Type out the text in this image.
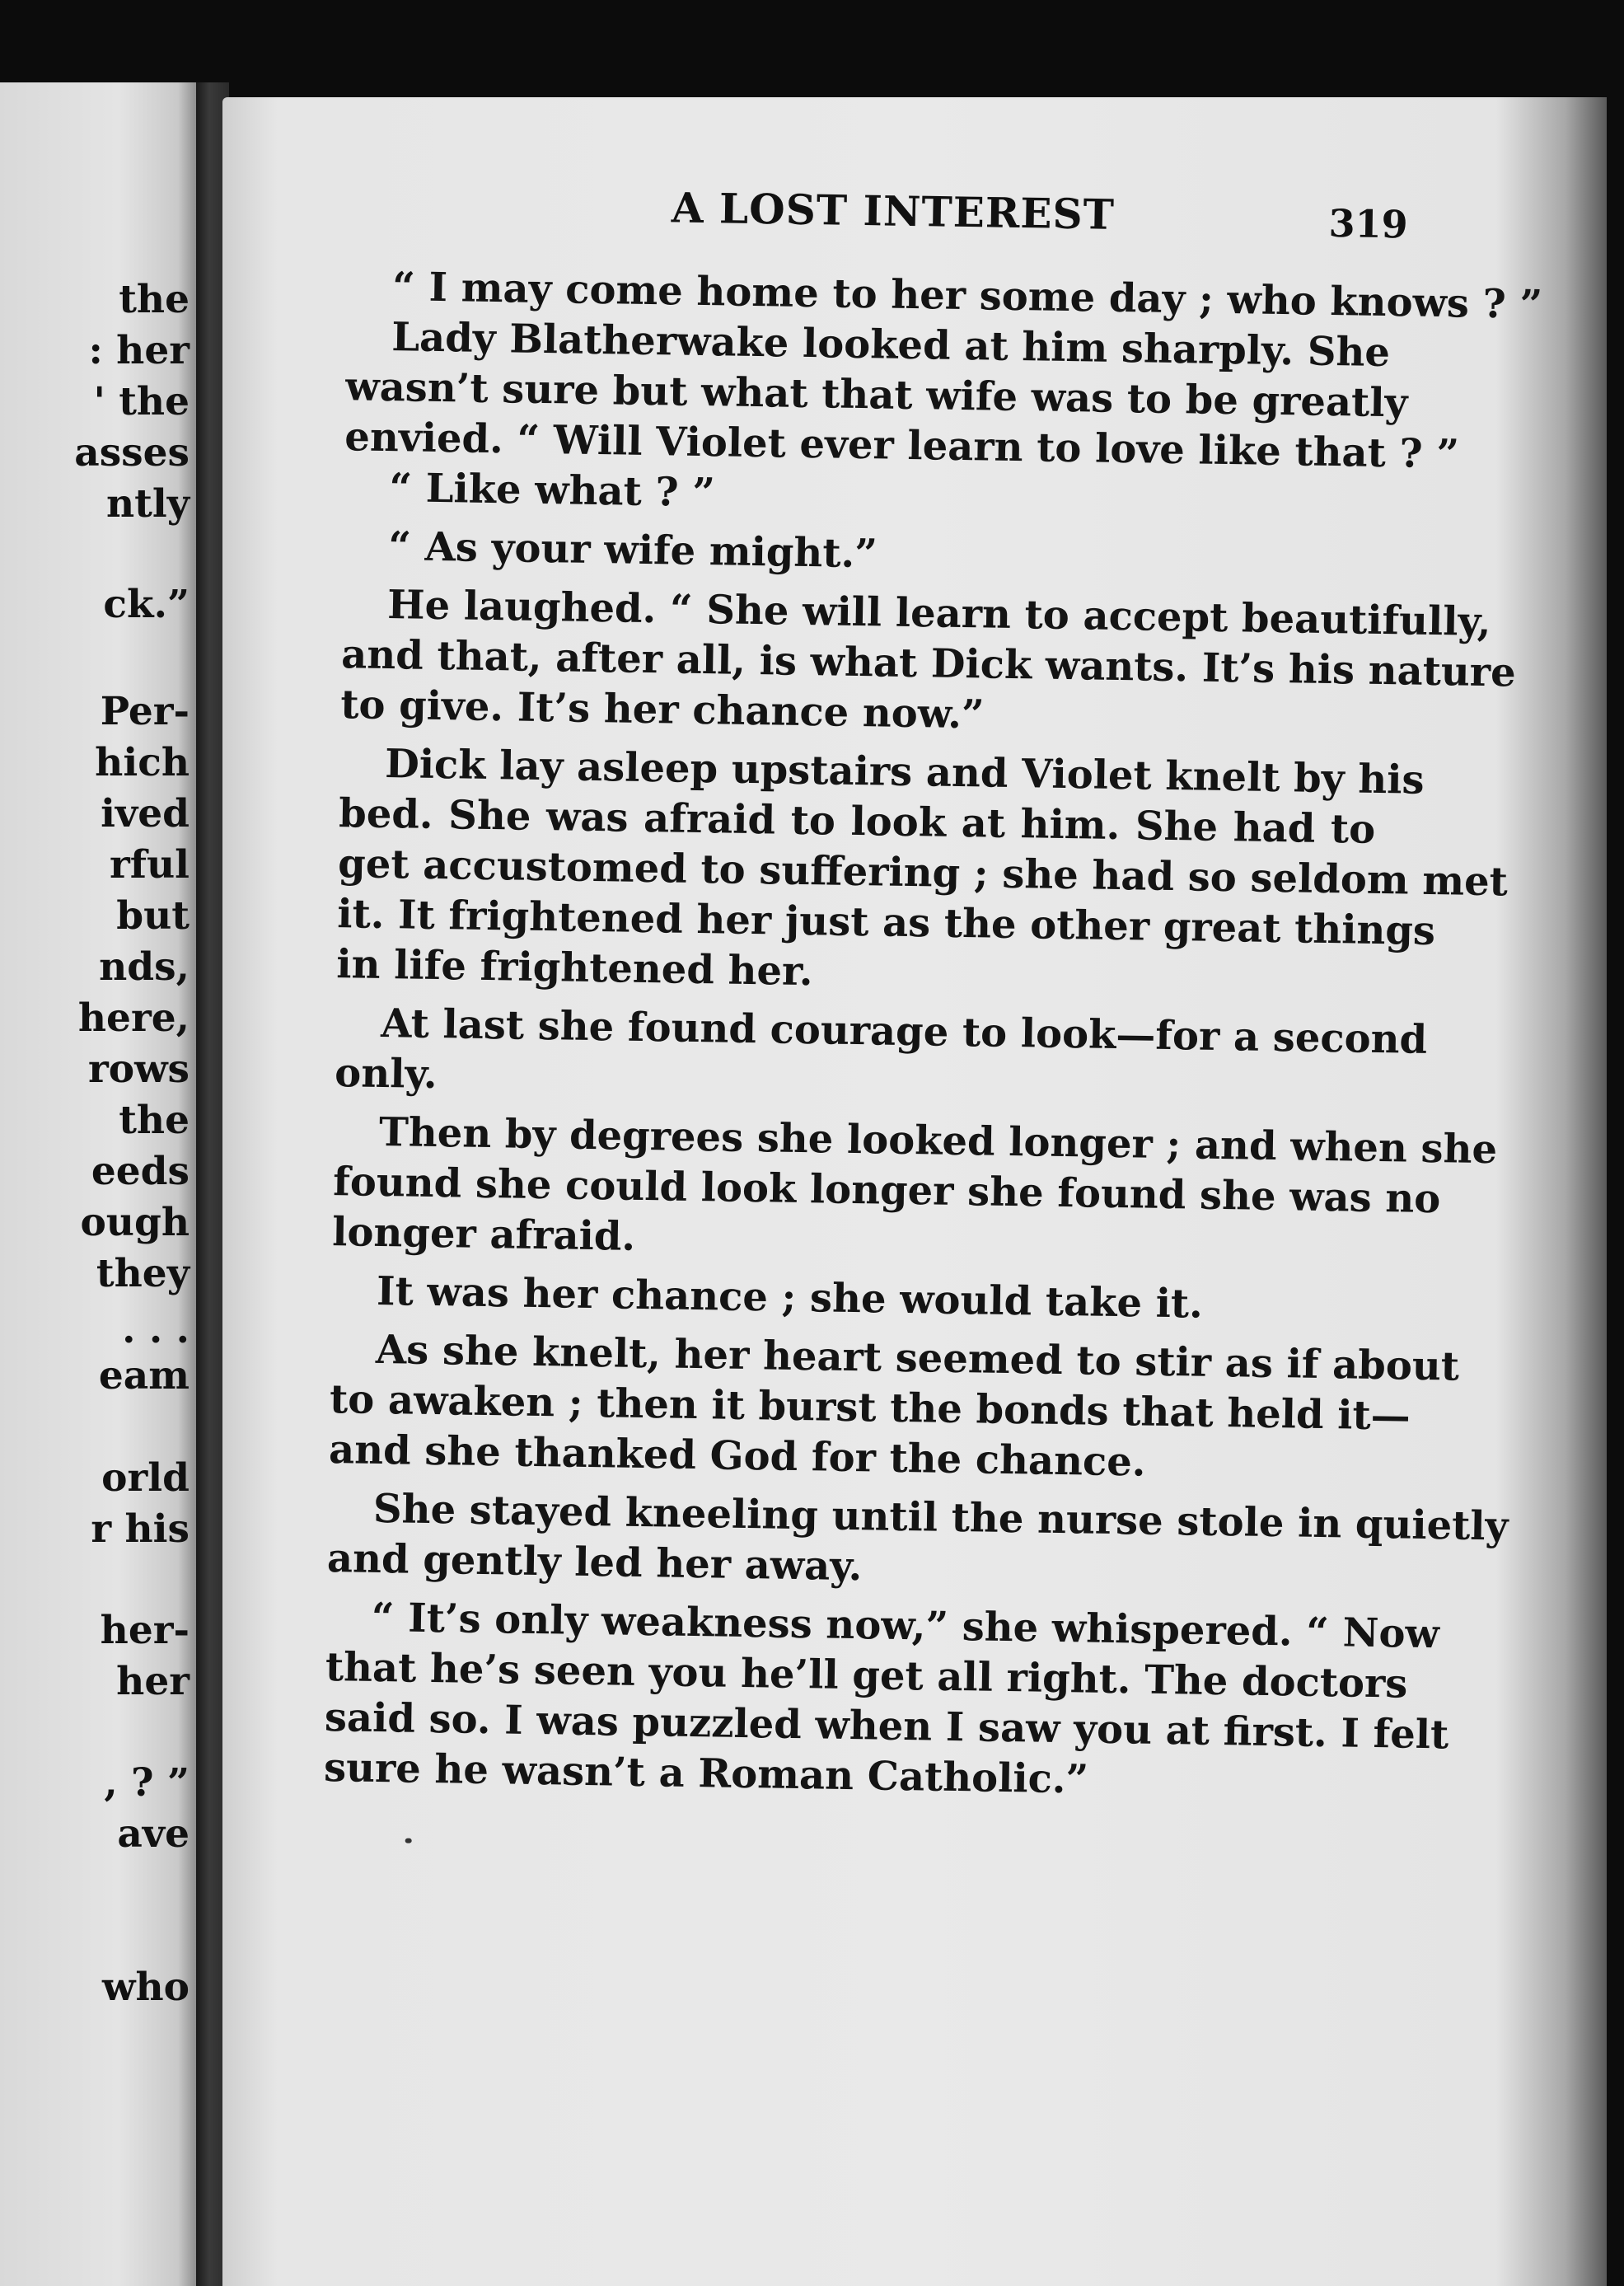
the
: her
' the
asses
ntly
ck.”
Per-
hich
ived
rful
but
nds,
here,
rows
the
eeds
ough
they
. . .
eam
orld
r his
her-
her
, ? ”
ave
who
A LOST INTEREST	319
“ I may come home to her some day ; who knows ? ”
Lady Blatherwake looked at him sharply. She
wasn’t sure but what that wife was to be greatly
envied. “ Will Violet ever learn to love like that ? ”
“ Like what ? ”
“ As your wife might.”
He laughed. “ She will learn to accept beautifully,
and that, after all, is what Dick wants. It’s his nature
to give. It’s her chance now.”
Dick lay asleep upstairs and Violet knelt by his
bed. She was afraid to look at him. She had to
get accustomed to suffering ; she had so seldom met
it. It frightened her just as the other great things
in life frightened her.
At last she found courage to look—for a second
only.
Then by degrees she looked longer ; and when she
found she could look longer she found she was no
longer afraid.
It was her chance ; she would take it.
As she knelt, her heart seemed to stir as if about
to awaken ; then it burst the bonds that held it—
and she thanked God for the chance.
She stayed kneeling until the nurse stole in quietly
and gently led her away.
“ It’s only weakness now,” she whispered. “ Now
that he’s seen you he’ll get all right. The doctors
said so. I was puzzled when I saw you at first. I felt
sure he wasn’t a Roman Catholic.”
